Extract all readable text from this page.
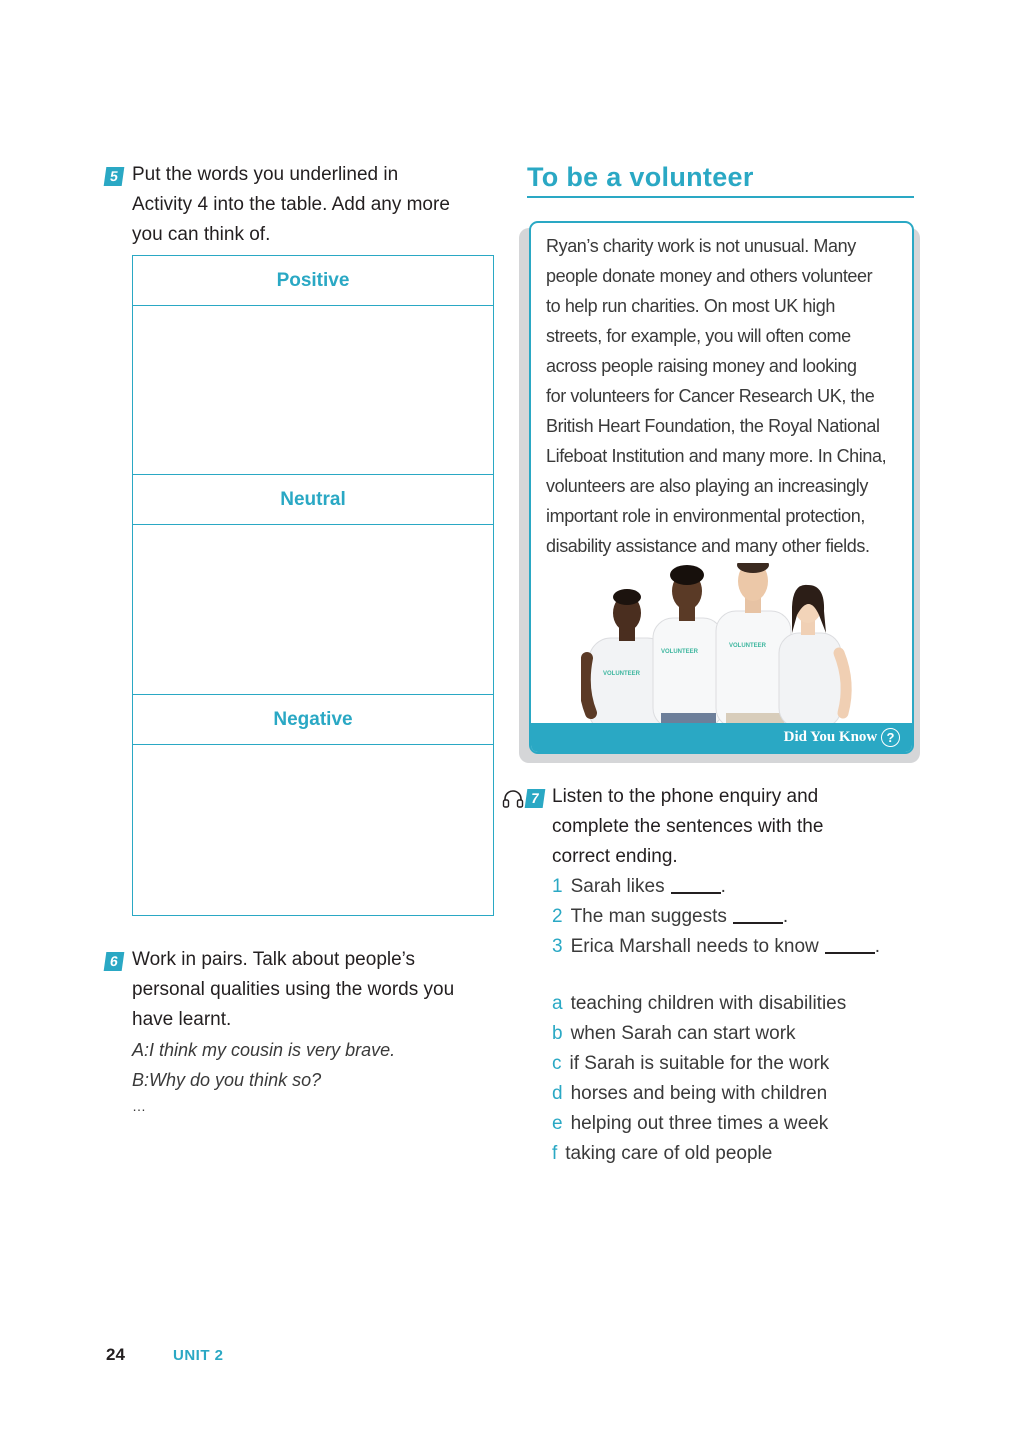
5 Put the words you underlined in
Activity 4 into the table. Add any more
you can think of.
Positive
Neutral
Negative
6 Work in pairs. Talk about people’s
personal qualities using the words you
have learnt.
A:I think my cousin is very brave.
B:Why do you think so?
…
To be a volunteer
Ryan’s charity work is not unusual. Many
people donate money and others volunteer
to help run charities. On most UK high
streets, for example, you will often come
across people raising money and looking
for volunteers for Cancer Research UK, the
British Heart Foundation, the Royal National
Lifeboat Institution and many more. In China,
volunteers are also playing an increasingly
important role in environmental protection,
disability assistance and many other fields.
VOLUNTEER
VOLUNTEER
VOLUNTEER
Did You Know ?
7 Listen to the phone enquiry and
complete the sentences with the
correct ending.
1 Sarah likes	.
2 The man suggests	.
3 Erica Marshall needs to know	.
a teaching children with disabilities
b when Sarah can start work
c if Sarah is suitable for the work
d horses and being with children
e helping out three times a week
f taking care of old people
24	UNIT 2
